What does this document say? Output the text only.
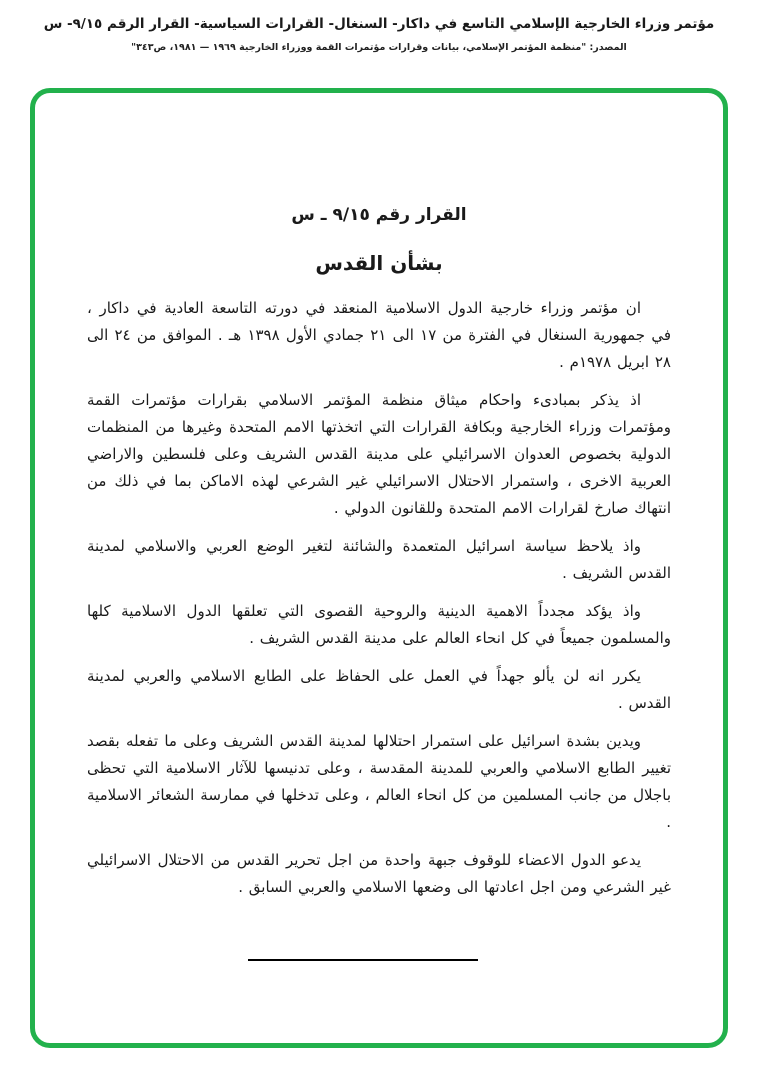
مؤتمر وزراء الخارجية الإسلامي التاسع في داكار- السنغال- القرارات السياسية- القرار الرقم ٩/١٥- س
المصدر: "منظمة المؤتمر الإسلامي، بيانات وقرارات مؤتمرات القمة ووزراء الخارجية ١٩٦٩ — ١٩٨١، ص٣٤٣"
القرار رقم ٩/١٥ ـ س
بشأن القدس

ان مؤتمر وزراء خارجية الدول الاسلامية المنعقد في دورته التاسعة العادية في داكار ، في جمهورية السنغال في الفترة من ١٧ الى ٢١ جمادي الأول ١٣٩٨ هـ . الموافق من ٢٤ الى ٢٨ ابريل ١٩٧٨م .

اذ يذكر بمبادىء واحكام ميثاق منظمة المؤتمر الاسلامي بقرارات مؤتمرات القمة ومؤتمرات وزراء الخارجية وبكافة القرارات التي اتخذتها الامم المتحدة وغيرها من المنظمات الدولية بخصوص العدوان الاسرائيلي على مدينة القدس الشريف وعلى فلسطين والاراضي العربية الاخرى ، واستمرار الاحتلال الاسرائيلي غير الشرعي لهذه الاماكن بما في ذلك من انتهاك صارخ لقرارات الامم المتحدة وللقانون الدولي .

واذ يلاحظ سياسة اسرائيل المتعمدة والشائنة لتغير الوضع العربي والاسلامي لمدينة القدس الشريف .

واذ يؤكد مجدداً الاهمية الدينية والروحية القصوى التي تعلقها الدول الاسلامية كلها والمسلمون جميعاً في كل انحاء العالم على مدينة القدس الشريف .

يكرر انه لن يألو جهداً في العمل على الحفاظ على الطابع الاسلامي والعربي لمدينة القدس .

ويدين بشدة اسرائيل على استمرار احتلالها لمدينة القدس الشريف وعلى ما تفعله بقصد تغيير الطابع الاسلامي والعربي للمدينة المقدسة ، وعلى تدنيسها للآثار الاسلامية التي تحظى باجلال من جانب المسلمين من كل انحاء العالم ، وعلى تدخلها في ممارسة الشعائر الاسلامية .

يدعو الدول الاعضاء للوقوف جبهة واحدة من اجل تحرير القدس من الاحتلال الاسرائيلي غير الشرعي ومن اجل اعادتها الى وضعها الاسلامي والعربي السابق .
